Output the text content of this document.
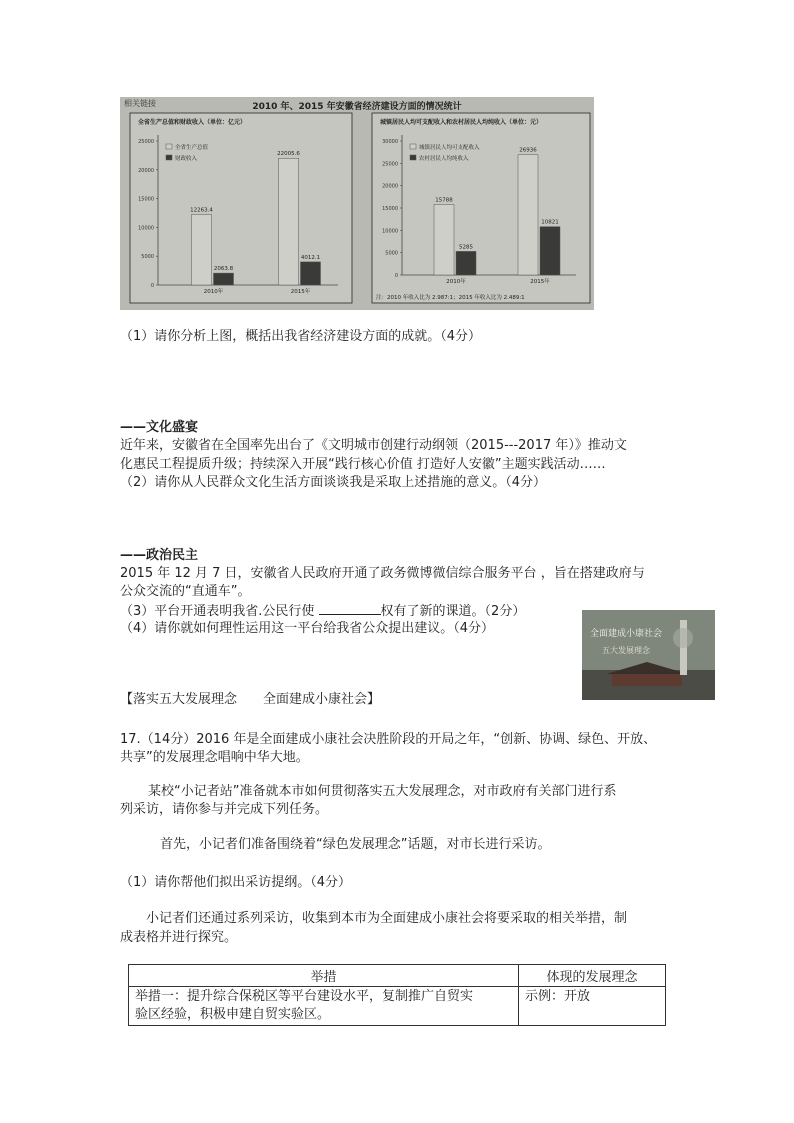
相关链接	2010 年、2015 年安徽省经济建设方面的情况统计
全省生产总值和财政收入（单位：亿元）
0
5000
10000
15000
20000
25000
12263.4
2063.8
2010年
22005.6
4012.1
2015年
全省生产总值
财政收入
城镇居民人均可支配收入和农村居民人均纯收入（单位：元）
0
5000
10000
15000
20000
25000
30000
15788
5285
2010年
26936
10821
2015年
城镇居民人均可支配收入
农村居民人均纯收入
注：2010 年收入比为 2.987:1；2015 年收入比为 2.489:1
（1）请你分析上图，概括出我省经济建设方面的成就。（4分）
——文化盛宴
近年来，安徽省在全国率先出台了《文明城市创建行动纲领（2015---2017 年）》推动文
化惠民工程提质升级；持续深入开展“践行核心价值 打造好人安徽”主题实践活动……
（2）请你从人民群众文化生活方面谈谈我是采取上述措施的意义。（4分）
——政治民主
2015 年 12 月 7 日，安徽省人民政府开通了政务微博微信综合服务平台 ，旨在搭建政府与
公众交流的“直通车”。
（3）平台开通表明我省.公民行使	权有了新的课道。（2分）
（4）请你就如何理性运用这一平台给我省公众提出建议。（4分）	全面建成小康社会
五大发展理念
【落实五大发展理念　　全面建成小康社会】
17.（14分）2016 年是全面建成小康社会决胜阶段的开局之年，“创新、协调、绿色、开放、
共享”的发展理念唱响中华大地。
某校“小记者站”准备就本市如何贯彻落实五大发展理念，对市政府有关部门进行系
列采访，请你参与并完成下列任务。
首先，小记者们准备围绕着“绿色发展理念”话题，对市长进行采访。
（1）请你帮他们拟出采访提纲。（4分）
小记者们还通过系列采访，收集到本市为全面建成小康社会将要采取的相关举措，制
成表格并进行探究。
举措	体现的发展理念

举措一：提升综合保税区等平台建设水平，复制推广自贸实
验区经验，积极申建自贸实验区。	示例：开放
